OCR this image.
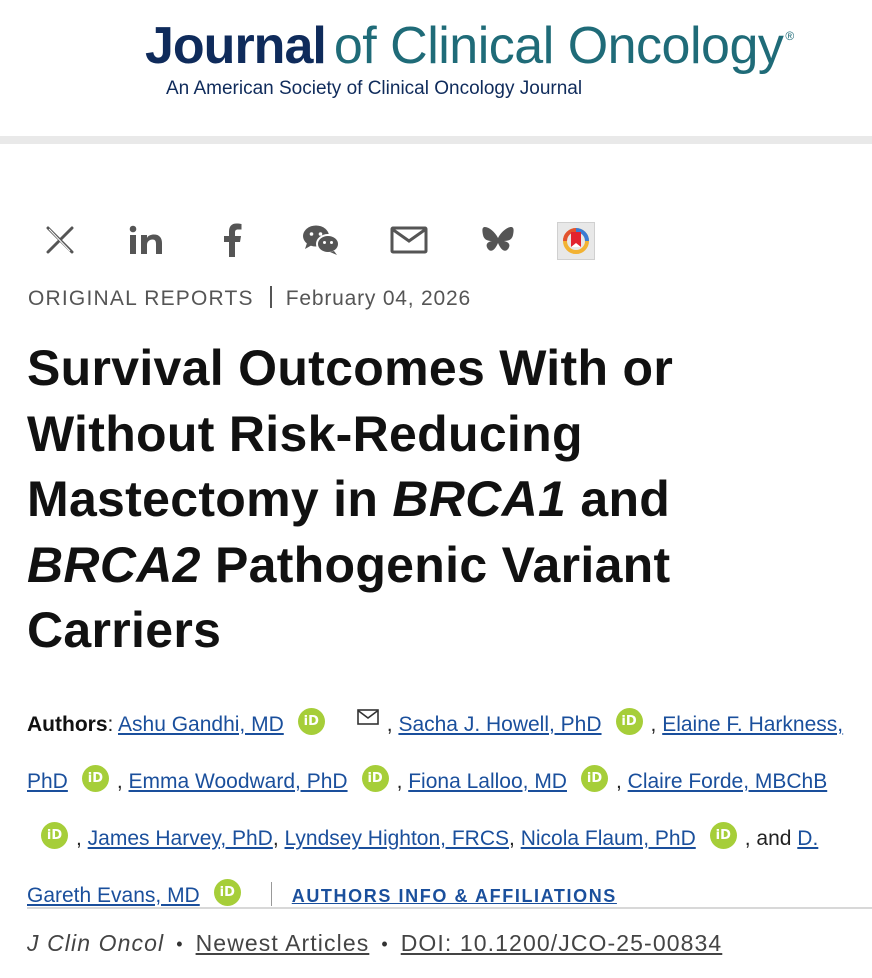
Journal of Clinical Oncology ®
An American Society of Clinical Oncology Journal
ORIGINAL REPORTS February 04, 2026
Survival Outcomes With or
Without Risk-Reducing
Mastectomy in BRCA1 and
BRCA2 Pathogenic Variant
Carriers
Authors: Ashu Gandhi, MD iD	, Sacha J. Howell, PhD iD , Elaine F. Harkness, PhD iD , Emma Woodward, PhD iD , Fiona Lalloo, MD iD , Claire Forde, MBChBiD , James Harvey, PhD, Lyndsey Highton, FRCS, Nicola Flaum, PhD iD , and D. Gareth Evans, MD iD	AUTHORS INFO & AFFILIATIONS
J Clin Oncol • Newest Articles • DOI: 10.1200/JCO-25-00834
